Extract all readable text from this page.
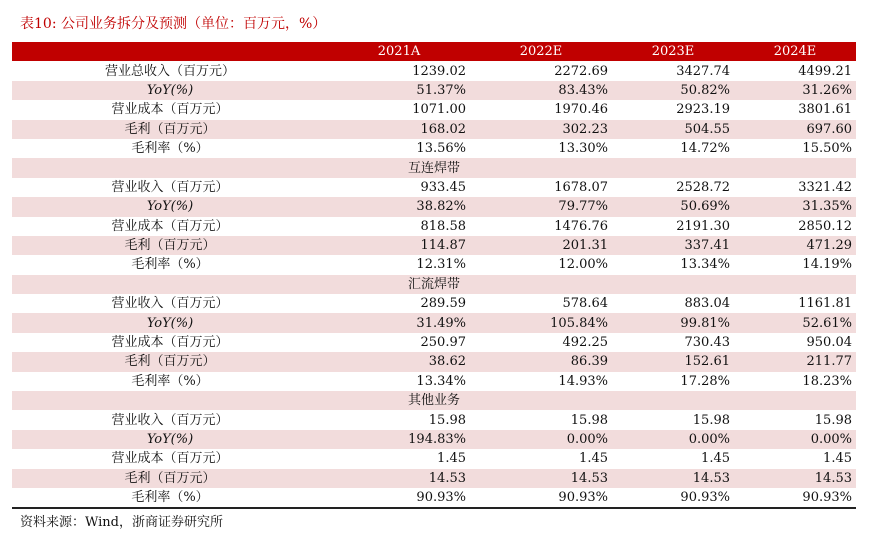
表10: 公司业务拆分及预测（单位：百万元，%）
	2021A	2022E	2023E	2024E
营业总收入（百万元）	1239.02	2272.69	3427.74	4499.21
YoY(%)	51.37%	83.43%	50.82%	31.26%
营业成本（百万元）	1071.00	1970.46	2923.19	3801.61
毛利（百万元）	168.02	302.23	504.55	697.60
毛利率（%）	13.56%	13.30%	14.72%	15.50%
互连焊带				
营业收入（百万元）	933.45	1678.07	2528.72	3321.42
YoY(%)	38.82%	79.77%	50.69%	31.35%
营业成本（百万元）	818.58	1476.76	2191.30	2850.12
毛利（百万元）	114.87	201.31	337.41	471.29
毛利率（%）	12.31%	12.00%	13.34%	14.19%
汇流焊带				
营业收入（百万元）	289.59	578.64	883.04	1161.81
YoY(%)	31.49%	105.84%	99.81%	52.61%
营业成本（百万元）	250.97	492.25	730.43	950.04
毛利（百万元）	38.62	86.39	152.61	211.77
毛利率（%）	13.34%	14.93%	17.28%	18.23%
其他业务				
营业收入（百万元）	15.98	15.98	15.98	15.98
YoY(%)	194.83%	0.00%	0.00%	0.00%
营业成本（百万元）	1.45	1.45	1.45	1.45
毛利（百万元）	14.53	14.53	14.53	14.53
毛利率（%）	90.93%	90.93%	90.93%	90.93%
资料来源：Wind，浙商证券研究所
